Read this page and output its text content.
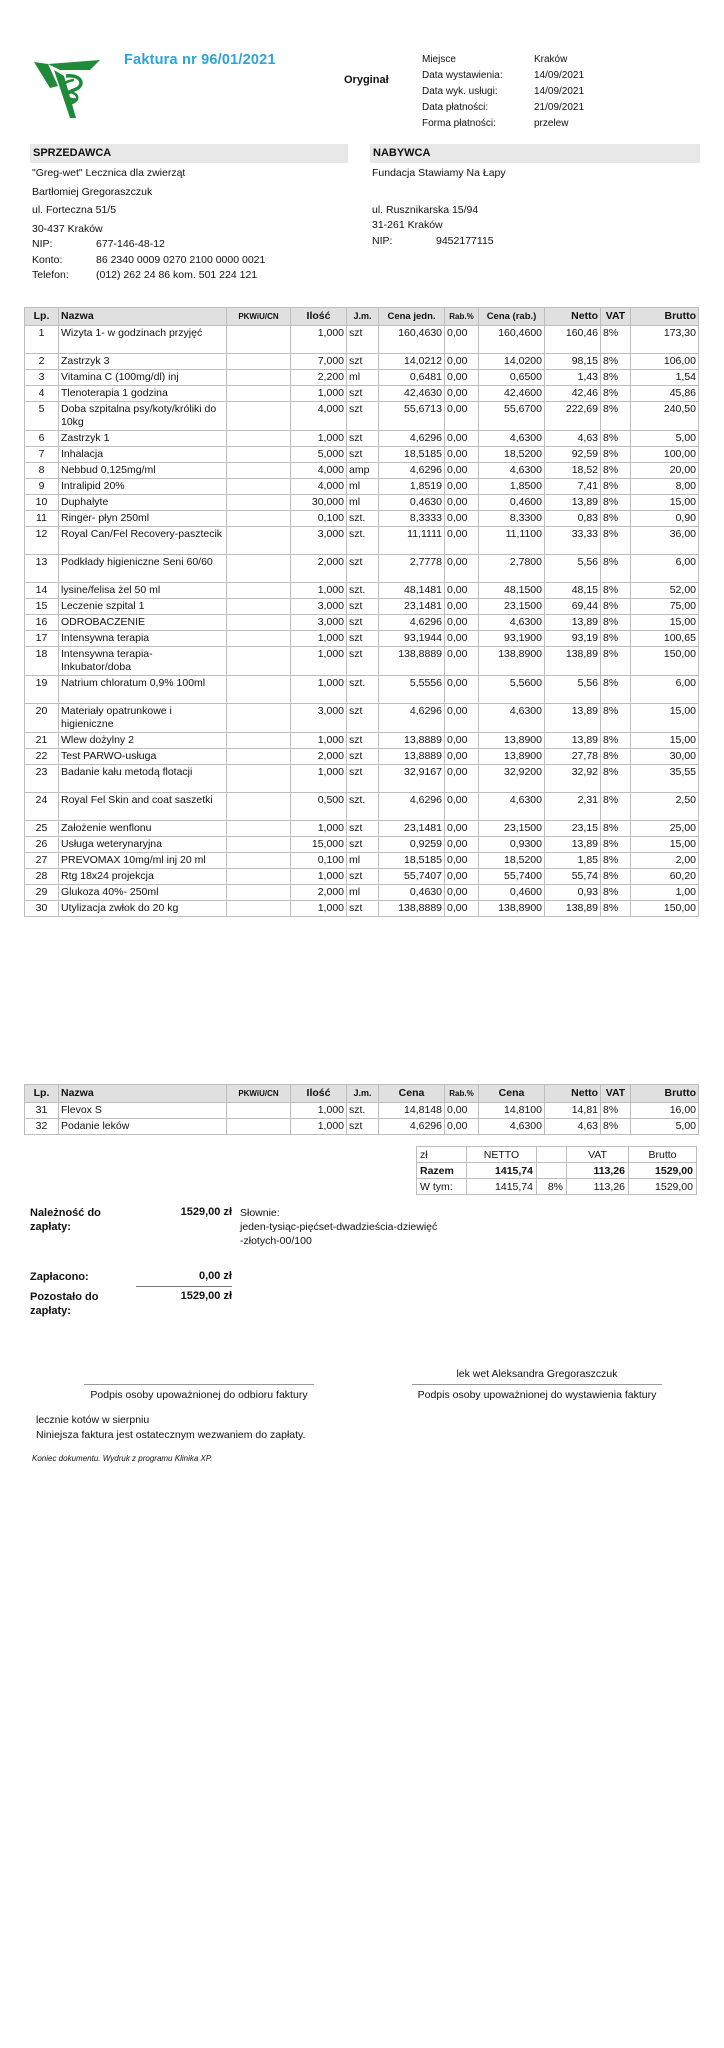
Faktura nr 96/01/2021
Oryginał
Miejsce	Kraków
Data wystawienia:	14/09/2021
Data wyk. usługi:	14/09/2021
Data płatności:	21/09/2021
Forma płatności:	przelew
SPRZEDAWCA
"Greg-wet" Lecznica dla zwierząt
Bartłomiej Gregoraszczuk
ul. Forteczna 51/5
30-437 Kraków
NIP:	677-146-48-12
Konto:	86 2340 0009 0270 2100 0000 0021
Telefon:	(012) 262 24 86 kom. 501 224 121
NABYWCA
Fundacja Stawiamy Na Łapy
ul. Rusznikarska 15/94
31-261 Kraków
NIP:	9452177115
Lp.	Nazwa	PKWiU/CN	Ilość	J.m.	Cena jedn.	Rab.%	Cena (rab.)	Netto	VAT	Brutto
1	Wizyta 1- w godzinach przyjęć		1,000	szt	160,4630	0,00	160,4600	160,46	8%	173,30
2	Zastrzyk 3		7,000	szt	14,0212	0,00	14,0200	98,15	8%	106,00
3	Vitamina C (100mg/dl) inj		2,200	ml	0,6481	0,00	0,6500	1,43	8%	1,54
4	Tlenoterapia 1 godzina		1,000	szt	42,4630	0,00	42,4600	42,46	8%	45,86
5	Doba szpitalna psy/koty/króliki do 10kg		4,000	szt	55,6713	0,00	55,6700	222,69	8%	240,50
6	Zastrzyk 1		1,000	szt	4,6296	0,00	4,6300	4,63	8%	5,00
7	Inhalacja		5,000	szt	18,5185	0,00	18,5200	92,59	8%	100,00
8	Nebbud 0,125mg/ml		4,000	amp	4,6296	0,00	4,6300	18,52	8%	20,00
9	Intralipid 20%		4,000	ml	1,8519	0,00	1,8500	7,41	8%	8,00
10	Duphalyte		30,000	ml	0,4630	0,00	0,4600	13,89	8%	15,00
11	Ringer- płyn 250ml		0,100	szt.	8,3333	0,00	8,3300	0,83	8%	0,90
12	Royal Can/Fel Recovery-pasztecik		3,000	szt.	11,1111	0,00	11,1100	33,33	8%	36,00
13	Podkłady higieniczne Seni 60/60		2,000	szt	2,7778	0,00	2,7800	5,56	8%	6,00
14	lysine/felisa żel 50 ml		1,000	szt.	48,1481	0,00	48,1500	48,15	8%	52,00
15	Leczenie szpital 1		3,000	szt	23,1481	0,00	23,1500	69,44	8%	75,00
16	ODROBACZENIE		3,000	szt	4,6296	0,00	4,6300	13,89	8%	15,00
17	Intensywna terapia		1,000	szt	93,1944	0,00	93,1900	93,19	8%	100,65
18	Intensywna terapia- Inkubator/doba		1,000	szt	138,8889	0,00	138,8900	138,89	8%	150,00
19	Natrium chloratum 0,9% 100ml		1,000	szt.	5,5556	0,00	5,5600	5,56	8%	6,00
20	Materiały opatrunkowe i higieniczne		3,000	szt	4,6296	0,00	4,6300	13,89	8%	15,00
21	Wlew dożylny 2		1,000	szt	13,8889	0,00	13,8900	13,89	8%	15,00
22	Test PARWO-usługa		2,000	szt	13,8889	0,00	13,8900	27,78	8%	30,00
23	Badanie kału metodą flotacji		1,000	szt	32,9167	0,00	32,9200	32,92	8%	35,55
24	Royal Fel Skin and coat saszetki		0,500	szt.	4,6296	0,00	4,6300	2,31	8%	2,50
25	Założenie wenflonu		1,000	szt	23,1481	0,00	23,1500	23,15	8%	25,00
26	Usługa weterynaryjna		15,000	szt	0,9259	0,00	0,9300	13,89	8%	15,00
27	PREVOMAX 10mg/ml inj 20 ml		0,100	ml	18,5185	0,00	18,5200	1,85	8%	2,00
28	Rtg 18x24 projekcja		1,000	szt	55,7407	0,00	55,7400	55,74	8%	60,20
29	Glukoza 40%- 250ml		2,000	ml	0,4630	0,00	0,4600	0,93	8%	1,00
30	Utylizacja zwłok do 20 kg		1,000	szt	138,8889	0,00	138,8900	138,89	8%	150,00
Lp.	Nazwa	PKWiU/CN	Ilość	J.m.	Cena	Rab.%	Cena	Netto	VAT	Brutto
31	Flevox S		1,000	szt.	14,8148	0,00	14,8100	14,81	8%	16,00
32	Podanie leków		1,000	szt	4,6296	0,00	4,6300	4,63	8%	5,00
zł	NETTO		VAT	Brutto
Razem	1415,74		113,26	1529,00
W tym:	1415,74	8%	113,26	1529,00
Należność do zapłaty:
1529,00 zł Słownie:
jeden-tysiąc-pięćset-dwadzieścia-dziewięć
-złotych-00/100
Zapłacono:	0,00 zł
Pozostało do zapłaty:
1529,00 zł
lek wet Aleksandra Gregoraszczuk
Podpis osoby upoważnionej do odbioru faktury	Podpis osoby upoważnionej do wystawienia faktury
lecznie kotów w sierpniu
Niniejsza faktura jest ostatecznym wezwaniem do zapłaty.
Koniec dokumentu. Wydruk z programu Klinika XP.
